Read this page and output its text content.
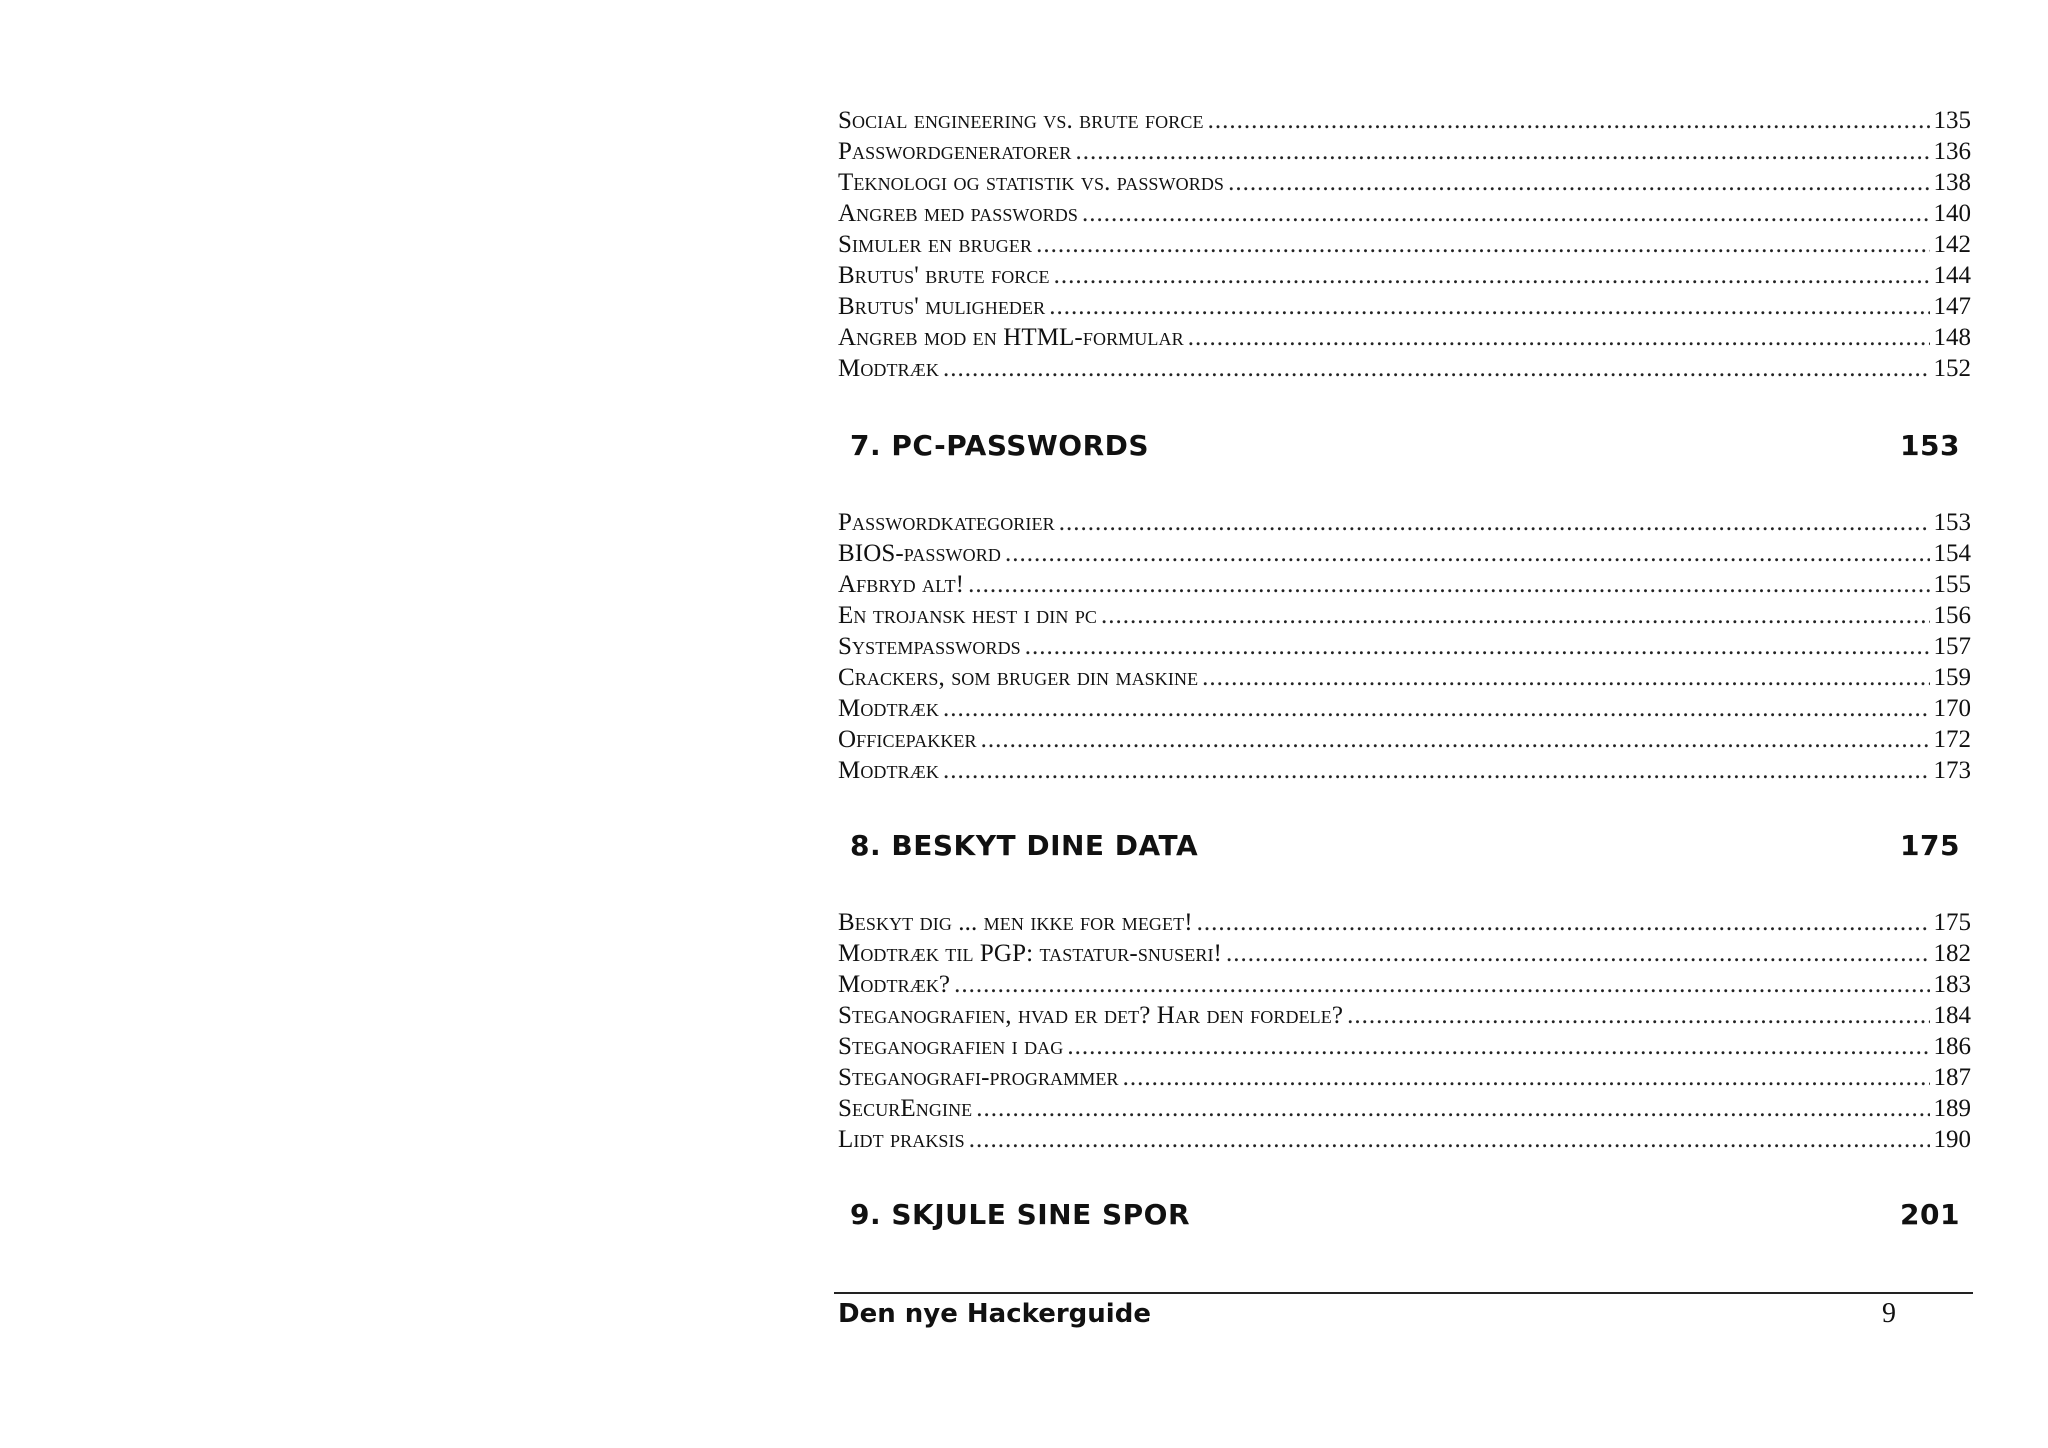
Social engineering vs. brute force .....	135
Passwordgeneratorer .....	136
Teknologi og statistik vs. passwords .....	138
Angreb med passwords .....	140
Simuler en bruger .....	142
Brutus' brute force .....	144
Brutus' muligheder .....	147
Angreb mod en HTML-formular .....	148
Modtræk .....	152
7. PC-PASSWORDS	153
Passwordkategorier .....	153
BIOS-password .....	154
Afbryd alt! .....	155
En trojansk hest i din pc .....	156
Systempasswords .....	157
Crackers, som bruger din maskine .....	159
Modtræk .....	170
Officepakker .....	172
Modtræk .....	173
8. BESKYT DINE DATA	175
Beskyt dig ... men ikke for meget! .....	175
Modtræk til PGP: tastatur-snuseri! .....	182
Modtræk? .....	183
Steganografien, hvad er det? Har den fordele? .....	184
Steganografien i dag .....	186
Steganografi-programmer .....	187
SecurEngine .....	189
Lidt praksis .....	190
9. SKJULE SINE SPOR	201
Den nye Hackerguide	9
